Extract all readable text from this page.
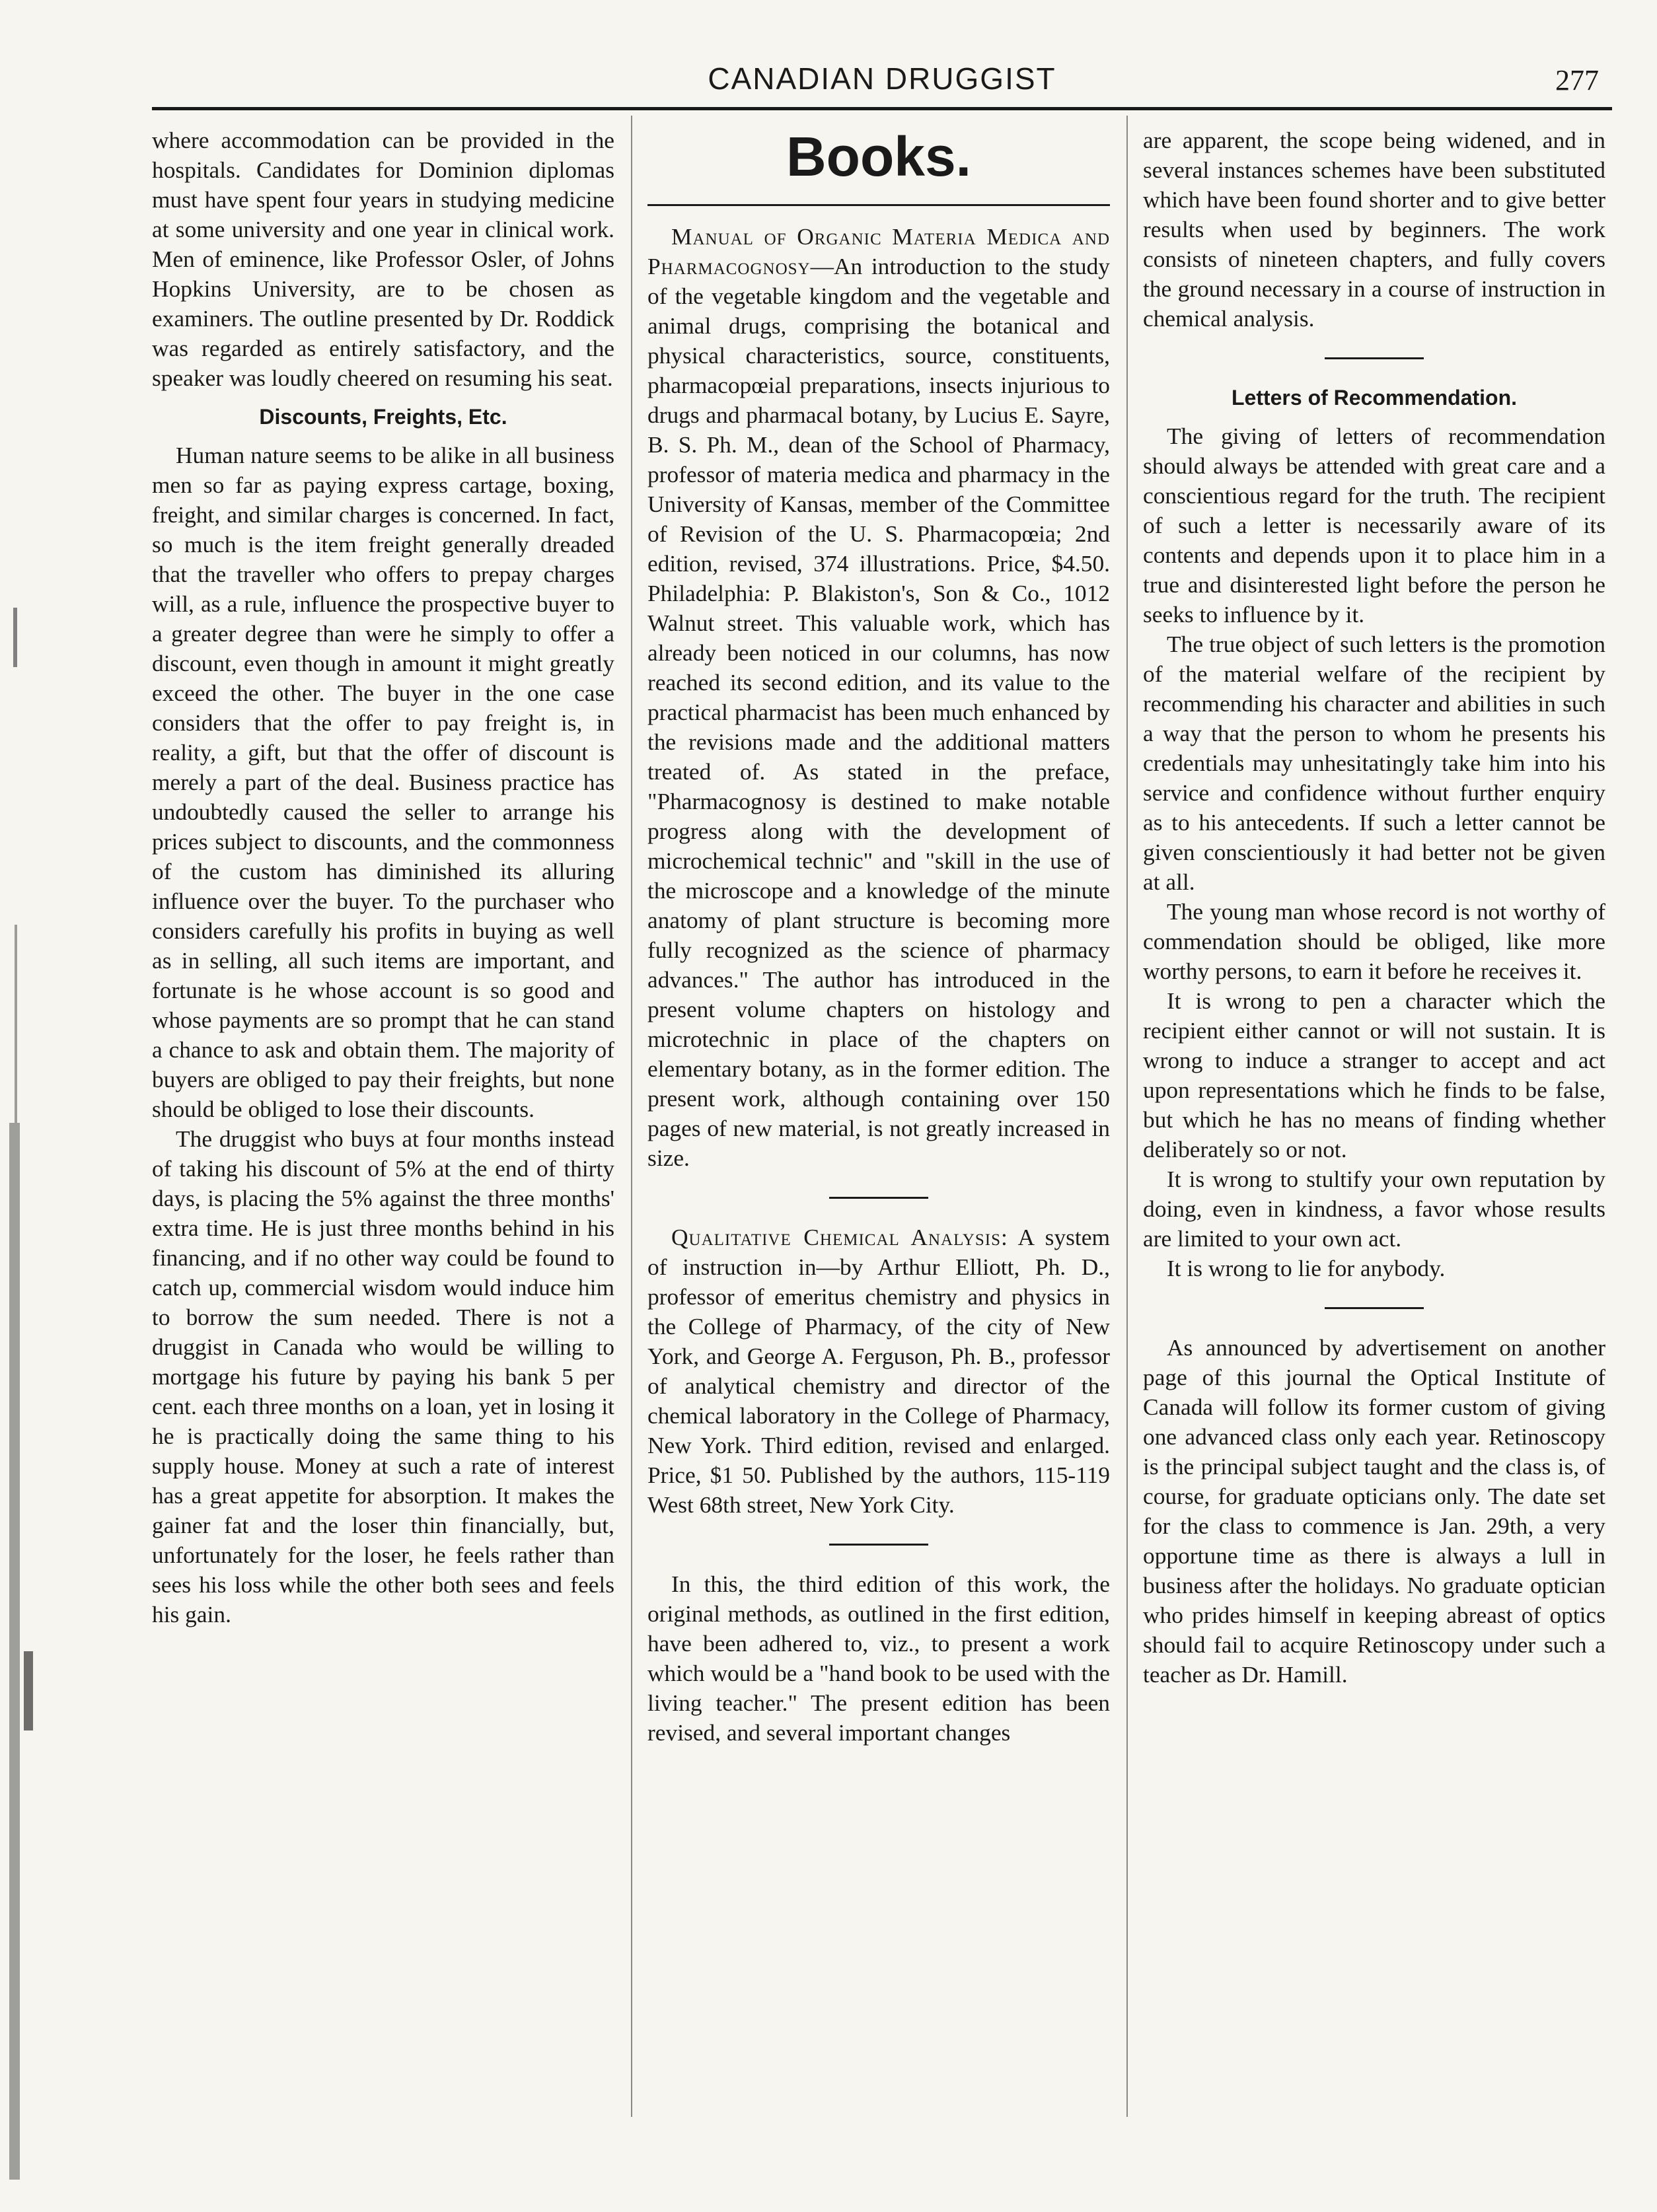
CANADIAN DRUGGIST	277

where accommodation can be provided in the hospitals. Candidates for Dominion diplomas must have spent four years in studying medicine at some university and one year in clinical work. Men of eminence, like Professor Osler, of Johns Hopkins University, are to be chosen as examiners. The outline presented by Dr. Roddick was regarded as entirely satisfactory, and the speaker was loudly cheered on resuming his seat.

Discounts, Freights, Etc.

Human nature seems to be alike in all business men so far as paying express cartage, boxing, freight, and similar charges is concerned. In fact, so much is the item freight generally dreaded that the traveller who offers to prepay charges will, as a rule, influence the prospective buyer to a greater degree than were he simply to offer a discount, even though in amount it might greatly exceed the other. The buyer in the one case considers that the offer to pay freight is, in reality, a gift, but that the offer of discount is merely a part of the deal. Business practice has undoubtedly caused the seller to arrange his prices subject to discounts, and the commonness of the custom has diminished its alluring influence over the buyer. To the purchaser who considers carefully his profits in buying as well as in selling, all such items are important, and fortunate is he whose account is so good and whose payments are so prompt that he can stand a chance to ask and obtain them. The majority of buyers are obliged to pay their freights, but none should be obliged to lose their discounts.

The druggist who buys at four months instead of taking his discount of 5% at the end of thirty days, is placing the 5% against the three months' extra time. He is just three months behind in his financing, and if no other way could be found to catch up, commercial wisdom would induce him to borrow the sum needed. There is not a druggist in Canada who would be willing to mortgage his future by paying his bank 5 per cent. each three months on a loan, yet in losing it he is practically doing the same thing to his supply house. Money at such a rate of interest has a great appetite for absorption. It makes the gainer fat and the loser thin financially, but, unfortunately for the loser, he feels rather than sees his loss while the other both sees and feels his gain.

Books.

Manual of Organic Materia Medica and Pharmacognosy—An introduction to the study of the vegetable kingdom and the vegetable and animal drugs, comprising the botanical and physical characteristics, source, constituents, pharmacopœial preparations, insects injurious to drugs and pharmacal botany, by Lucius E. Sayre, B. S. Ph. M., dean of the School of Pharmacy, professor of materia medica and pharmacy in the University of Kansas, member of the Committee of Revision of the U. S. Pharmacopœia; 2nd edition, revised, 374 illustrations. Price, $4.50. Philadelphia: P. Blakiston's, Son & Co., 1012 Walnut street. This valuable work, which has already been noticed in our columns, has now reached its second edition, and its value to the practical pharmacist has been much enhanced by the revisions made and the additional matters treated of. As stated in the preface, "Pharmacognosy is destined to make notable progress along with the development of microchemical technic" and "skill in the use of the microscope and a knowledge of the minute anatomy of plant structure is becoming more fully recognized as the science of pharmacy advances." The author has introduced in the present volume chapters on histology and microtechnic in place of the chapters on elementary botany, as in the former edition. The present work, although containing over 150 pages of new material, is not greatly increased in size.

Qualitative Chemical Analysis: A system of instruction in—by Arthur Elliott, Ph. D., professor of emeritus chemistry and physics in the College of Pharmacy, of the city of New York, and George A. Ferguson, Ph. B., professor of analytical chemistry and director of the chemical laboratory in the College of Pharmacy, New York. Third edition, revised and enlarged. Price, $1 50. Published by the authors, 115-119 West 68th street, New York City.

In this, the third edition of this work, the original methods, as outlined in the first edition, have been adhered to, viz., to present a work which would be a "hand book to be used with the living teacher." The present edition has been revised, and several important changes

are apparent, the scope being widened, and in several instances schemes have been substituted which have been found shorter and to give better results when used by beginners. The work consists of nineteen chapters, and fully covers the ground necessary in a course of instruction in chemical analysis.

Letters of Recommendation.

The giving of letters of recommendation should always be attended with great care and a conscientious regard for the truth. The recipient of such a letter is necessarily aware of its contents and depends upon it to place him in a true and disinterested light before the person he seeks to influence by it.

The true object of such letters is the promotion of the material welfare of the recipient by recommending his character and abilities in such a way that the person to whom he presents his credentials may unhesitatingly take him into his service and confidence without further enquiry as to his antecedents. If such a letter cannot be given conscientiously it had better not be given at all.

The young man whose record is not worthy of commendation should be obliged, like more worthy persons, to earn it before he receives it.

It is wrong to pen a character which the recipient either cannot or will not sustain. It is wrong to induce a stranger to accept and act upon representations which he finds to be false, but which he has no means of finding whether deliberately so or not.

It is wrong to stultify your own reputation by doing, even in kindness, a favor whose results are limited to your own act.

It is wrong to lie for anybody.

As announced by advertisement on another page of this journal the Optical Institute of Canada will follow its former custom of giving one advanced class only each year. Retinoscopy is the principal subject taught and the class is, of course, for graduate opticians only. The date set for the class to commence is Jan. 29th, a very opportune time as there is always a lull in business after the holidays. No graduate optician who prides himself in keeping abreast of optics should fail to acquire Retinoscopy under such a teacher as Dr. Hamill.
